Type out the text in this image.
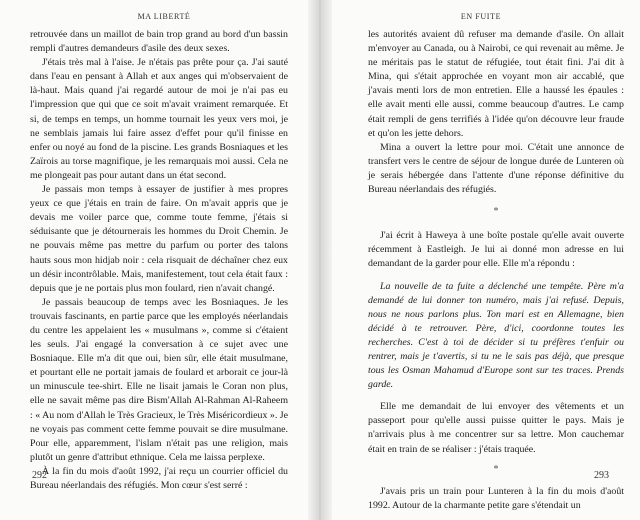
MA LIBERTÉ

retrouvée dans un maillot de bain trop grand au bord d'un bassin rempli d'autres demandeurs d'asile des deux sexes.

J'étais très mal à l'aise. Je n'étais pas prête pour ça. J'ai sauté dans l'eau en pensant à Allah et aux anges qui m'observaient de là-haut. Mais quand j'ai regardé autour de moi je n'ai pas eu l'impression que qui que ce soit m'avait vraiment remarquée. Et si, de temps en temps, un homme tournait les yeux vers moi, je ne semblais jamais lui faire assez d'effet pour qu'il finisse en enfer ou noyé au fond de la piscine. Les grands Bosniaques et les Zaïrois au torse magnifique, je les remarquais moi aussi. Cela ne me plongeait pas pour autant dans un état second.

Je passais mon temps à essayer de justifier à mes propres yeux ce que j'étais en train de faire. On m'avait appris que je devais me voiler parce que, comme toute femme, j'étais si séduisante que je détournerais les hommes du Droit Chemin. Je ne pouvais même pas mettre du parfum ou porter des talons hauts sous mon hidjab noir : cela risquait de déchaîner chez eux un désir incontrôlable. Mais, manifestement, tout cela était faux : depuis que je ne portais plus mon foulard, rien n'avait changé.

Je passais beaucoup de temps avec les Bosniaques. Je les trouvais fascinants, en partie parce que les employés néerlandais du centre les appelaient les « musulmans », comme si c'étaient les seuls. J'ai engagé la conversation à ce sujet avec une Bosniaque. Elle m'a dit que oui, bien sûr, elle était musulmane, et pourtant elle ne portait jamais de foulard et arborait ce jour-là un minuscule tee-shirt. Elle ne lisait jamais le Coran non plus, elle ne savait même pas dire Bism'Allah Al-Rahman Al-Raheem : « Au nom d'Allah le Très Gracieux, le Très Miséricordieux ». Je ne voyais pas comment cette femme pouvait se dire musulmane. Pour elle, apparemment, l'islam n'était pas une religion, mais plutôt un genre d'attribut ethnique. Cela me laissa perplexe.

À la fin du mois d'août 1992, j'ai reçu un courrier officiel du Bureau néerlandais des réfugiés. Mon cœur s'est serré :

292
EN FUITE

les autorités avaient dû refuser ma demande d'asile. On allait m'envoyer au Canada, ou à Nairobi, ce qui revenait au même. Je ne méritais pas le statut de réfugiée, tout était fini. J'ai dit à Mina, qui s'était approchée en voyant mon air accablé, que j'avais menti lors de mon entretien. Elle a haussé les épaules : elle avait menti elle aussi, comme beaucoup d'autres. Le camp était rempli de gens terrifiés à l'idée qu'on découvre leur fraude et qu'on les jette dehors.

Mina a ouvert la lettre pour moi. C'était une annonce de transfert vers le centre de séjour de longue durée de Lunteren où je serais hébergée dans l'attente d'une réponse définitive du Bureau néerlandais des réfugiés.

*

J'ai écrit à Haweya à une boîte postale qu'elle avait ouverte récemment à Eastleigh. Je lui ai donné mon adresse en lui demandant de la garder pour elle. Elle m'a répondu :

La nouvelle de ta fuite a déclenché une tempête. Père m'a demandé de lui donner ton numéro, mais j'ai refusé. Depuis, nous ne nous parlons plus. Ton mari est en Allemagne, bien décidé à te retrouver. Père, d'ici, coordonne toutes les recherches. C'est à toi de décider si tu préfères t'enfuir ou rentrer, mais je t'avertis, si tu ne le sais pas déjà, que presque tous les Osman Mahamud d'Europe sont sur tes traces. Prends garde.

Elle me demandait de lui envoyer des vêtements et un passeport pour qu'elle aussi puisse quitter le pays. Mais je n'arrivais plus à me concentrer sur sa lettre. Mon cauchemar était en train de se réaliser : j'étais traquée.

*

J'avais pris un train pour Lunteren à la fin du mois d'août 1992. Autour de la charmante petite gare s'étendait un

293
